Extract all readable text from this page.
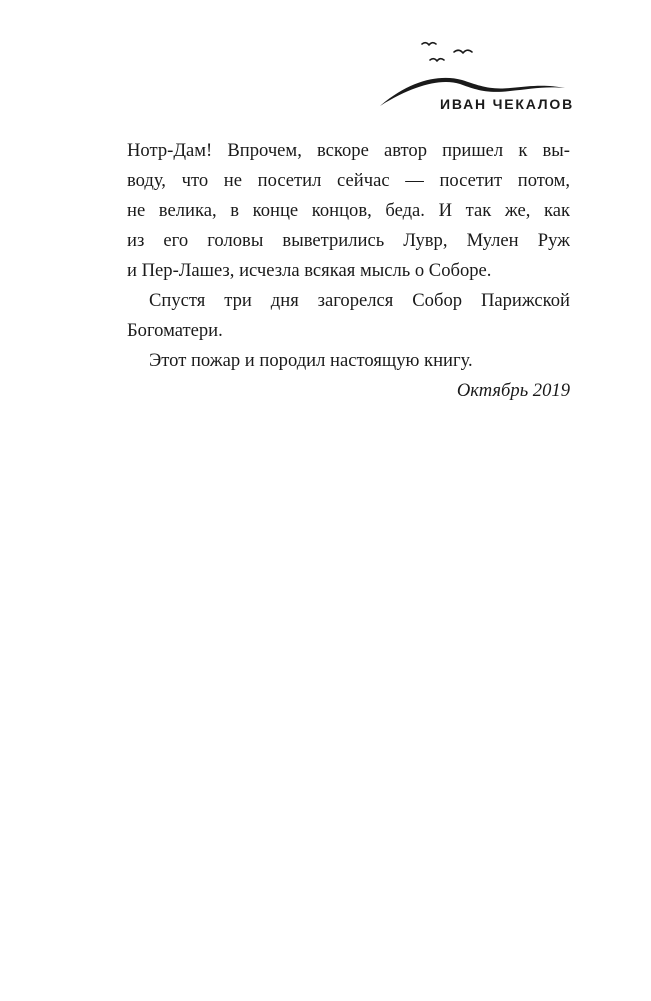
ИВАН ЧЕКАЛОВ
Нотр-Дам! Впрочем, вскоре автор пришел к вы-
воду, что не посетил сейчас — посетит потом,
не велика, в конце концов, беда. И так же, как
из его головы выветрились Лувр, Мулен Руж
и Пер-Лашез, исчезла всякая мысль о Соборе.
Спустя три дня загорелся Собор Парижской
Богоматери.
Этот пожар и породил настоящую книгу.
Октябрь 2019
